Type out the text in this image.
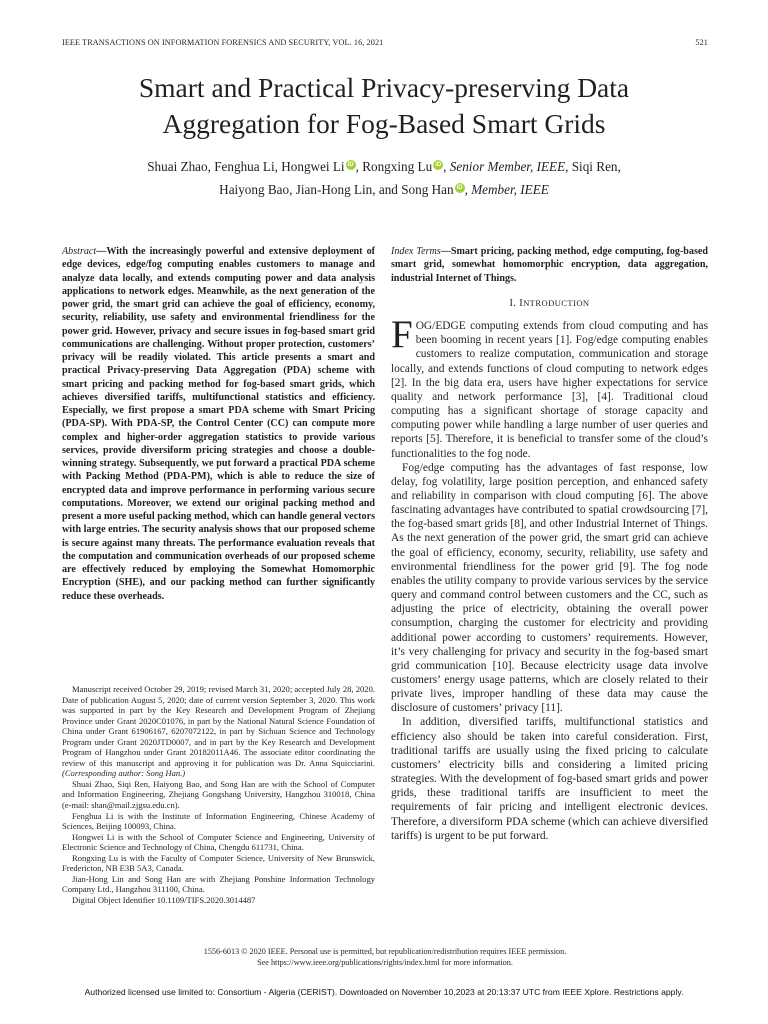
IEEE TRANSACTIONS ON INFORMATION FORENSICS AND SECURITY, VOL. 16, 2021	521
Smart and Practical Privacy-preserving Data
Aggregation for Fog-Based Smart Grids
Shuai Zhao, Fenghua Li, Hongwei Li iD , Rongxing Lu iD , Senior Member, IEEE, Siqi Ren,
Haiyong Bao, Jian-Hong Lin, and Song Han iD , Member, IEEE

Abstract—With the increasingly powerful and extensive deployment of edge devices, edge/fog computing enables customers to manage and analyze data locally, and extends computing power and data analysis applications to network edges. Meanwhile, as the next generation of the power grid, the smart grid can achieve the goal of efficiency, economy, security, reliability, use safety and environmental friendliness for the power grid. However, privacy and secure issues in fog-based smart grid communications are challenging. Without proper protection, customers’ privacy will be readily violated. This article presents a smart and practical Privacy-preserving Data Aggregation (PDA) scheme with smart pricing and packing method for fog-based smart grids, which achieves diversified tariffs, multifunctional statistics and efficiency. Especially, we first propose a smart PDA scheme with Smart Pricing (PDA-SP). With PDA-SP, the Control Center (CC) can compute more complex and higher-order aggregation statistics to provide various services, provide diversiform pricing strategies and choose a double-winning strategy. Subsequently, we put forward a practical PDA scheme with Packing Method (PDA-PM), which is able to reduce the size of encrypted data and improve performance in performing various secure computations. Moreover, we extend our original packing method and present a more useful packing method, which can handle general vectors with large entries. The security analysis shows that our proposed scheme is secure against many threats. The performance evaluation reveals that the computation and communication overheads of our proposed scheme are effectively reduced by employing the Somewhat Homomorphic Encryption (SHE), and our packing method can further significantly reduce these overheads.

Manuscript received October 29, 2019; revised March 31, 2020; accepted July 28, 2020. Date of publication August 5, 2020; date of current version September 3, 2020. This work was supported in part by the Key Research and Development Program of Zhejiang Province under Grant 2020C01076, in part by the National Natural Science Foundation of China under Grant 61906167, 6207072122, in part by Sichuan Science and Technology Program under Grant 2020JTD0007, and in part by the Key Research and Development Program of Hangzhou under Grant 20182011A46. The associate editor coordinating the review of this manuscript and approving it for publication was Dr. Anna Squicciarini. (Corresponding author: Song Han.)

Shuai Zhao, Siqi Ren, Haiyong Bao, and Song Han are with the School of Computer and Information Engineering, Zhejiang Gongshang University, Hangzhou 310018, China (e-mail: shan@mail.zjgsu.edu.cn).

Fenghua Li is with the Institute of Information Engineering, Chinese Academy of Sciences, Beijing 100093, China.

Hongwei Li is with the School of Computer Science and Engineering, University of Electronic Science and Technology of China, Chengdu 611731, China.

Rongxing Lu is with the Faculty of Computer Science, University of New Brunswick, Fredericton, NB E3B 5A3, Canada.

Jian-Hong Lin and Song Han are with Zhejiang Ponshine Information Technology Company Ltd., Hangzhou 311100, China.

Digital Object Identifier 10.1109/TIFS.2020.3014487

Index Terms—Smart pricing, packing method, edge computing, fog-based smart grid, somewhat homomorphic encryption, data aggregation, industrial Internet of Things.

I. INTRODUCTION

FOG/EDGE computing extends from cloud computing and has been booming in recent years [1]. Fog/edge computing enables customers to realize computation, communication and storage locally, and extends functions of cloud computing to network edges [2]. In the big data era, users have higher expectations for service quality and network performance [3], [4]. Traditional cloud computing has a significant shortage of storage capacity and computing power while handling a large number of user queries and reports [5]. Therefore, it is beneficial to transfer some of the cloud’s functionalities to the fog node.

Fog/edge computing has the advantages of fast response, low delay, fog volatility, large position perception, and enhanced safety and reliability in comparison with cloud computing [6]. The above fascinating advantages have contributed to spatial crowdsourcing [7], the fog-based smart grids [8], and other Industrial Internet of Things. As the next generation of the power grid, the smart grid can achieve the goal of efficiency, economy, security, reliability, use safety and environmental friendliness for the power grid [9]. The fog node enables the utility company to provide various services by the service query and command control between customers and the CC, such as adjusting the price of electricity, obtaining the overall power consumption, charging the customer for electricity and providing additional power according to customers’ requirements. However, it’s very challenging for privacy and security in the fog-based smart grid communication [10]. Because electricity usage data involve customers’ energy usage patterns, which are closely related to their private lives, improper handling of these data may cause the disclosure of customers’ privacy [11].

In addition, diversified tariffs, multifunctional statistics and efficiency also should be taken into careful consideration. First, traditional tariffs are usually using the fixed pricing to calculate customers’ electricity bills and considering a limited pricing strategies. With the development of fog-based smart grids and power grids, these traditional tariffs are insufficient to meet the requirements of fair pricing and intelligent electronic devices. Therefore, a diversiform PDA scheme (which can achieve diversified tariffs) is urgent to be put forward.

1556-6013 © 2020 IEEE. Personal use is permitted, but republication/redistribution requires IEEE permission.
See https://www.ieee.org/publications/rights/index.html for more information.
Authorized licensed use limited to: Consortium - Algeria (CERIST). Downloaded on November 10,2023 at 20:13:37 UTC from IEEE Xplore. Restrictions apply.
